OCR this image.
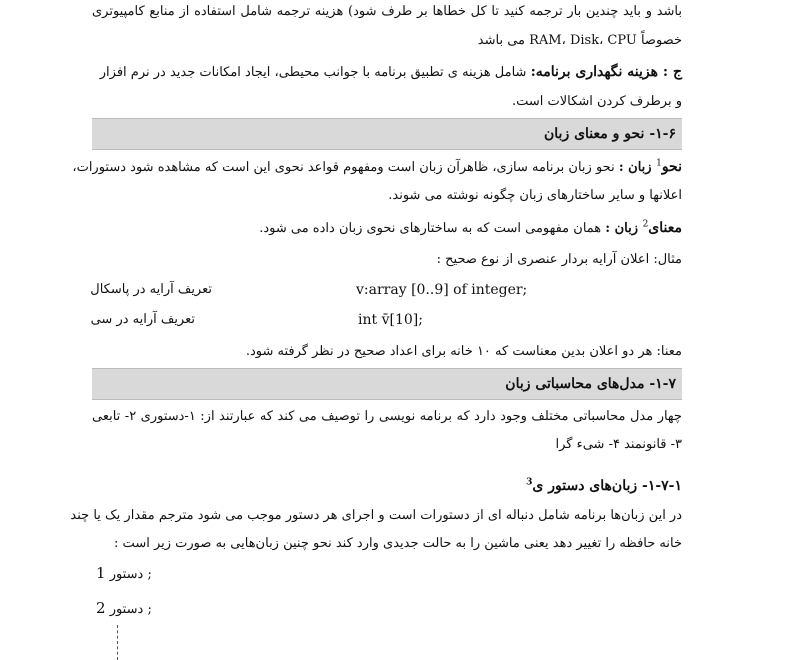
باشد و باید چندین بار ترجمه کنید تا کل خطاها بر طرف شود) هزینه ترجمه شامل استفاده از منابع کامپیوتری
خصوصاً RAM، Disk، CPU می باشد
ج : هزینه نگهداری برنامه: شامل هزینه ی تطبیق برنامه با جوانب محیطی، ایجاد امکانات جدید در نرم افزار
و برطرف کردن اشکالات است.
۱-۶- نحو و معنای زبان
نحو$^1$ زبان : نحو زبان برنامه سازی، ظاهرآن زبان است ومفهوم قواعد نحوی این است که مشاهده شود دستورات،
اعلانها و سایر ساختارهای زبان چگونه نوشته می شوند.
معنای$^2$ زبان : همان مفهومی است که به ساختارهای نحوی زبان داده می شود.
مثال: اعلان آرایه بردار عنصری از نوع صحیح :
v:array [0..9] of integer;
تعریف آرایه در پاسکال
int v̄[10];
تعریف آرایه در سی
معنا: هر دو اعلان بدین معناست که ۱۰ خانه برای اعداد صحیح در نظر گرفته شود.
۱-۷- مدل‌های محاسباتی زبان
چهار مدل محاسباتی مختلف وجود دارد که برنامه نویسی را توصیف می کند که عبارتند از: ۱-دستوری ۲- تابعی
۳- قانونمند ۴- شیء گرا
۱-۷-۱- زبان‌های دستور ی$^3$
در این زبان‌ها برنامه شامل دنباله ای از دستورات است و اجرای هر دستور موجب می شود مترجم مقدار یک یا چند
خانه حافظه را تغییر دهد یعنی ماشین را به حالت جدیدی وارد کند نحو چنین زبان‌هایی به صورت زیر است :
1 دستور ;
2 دستور ;
